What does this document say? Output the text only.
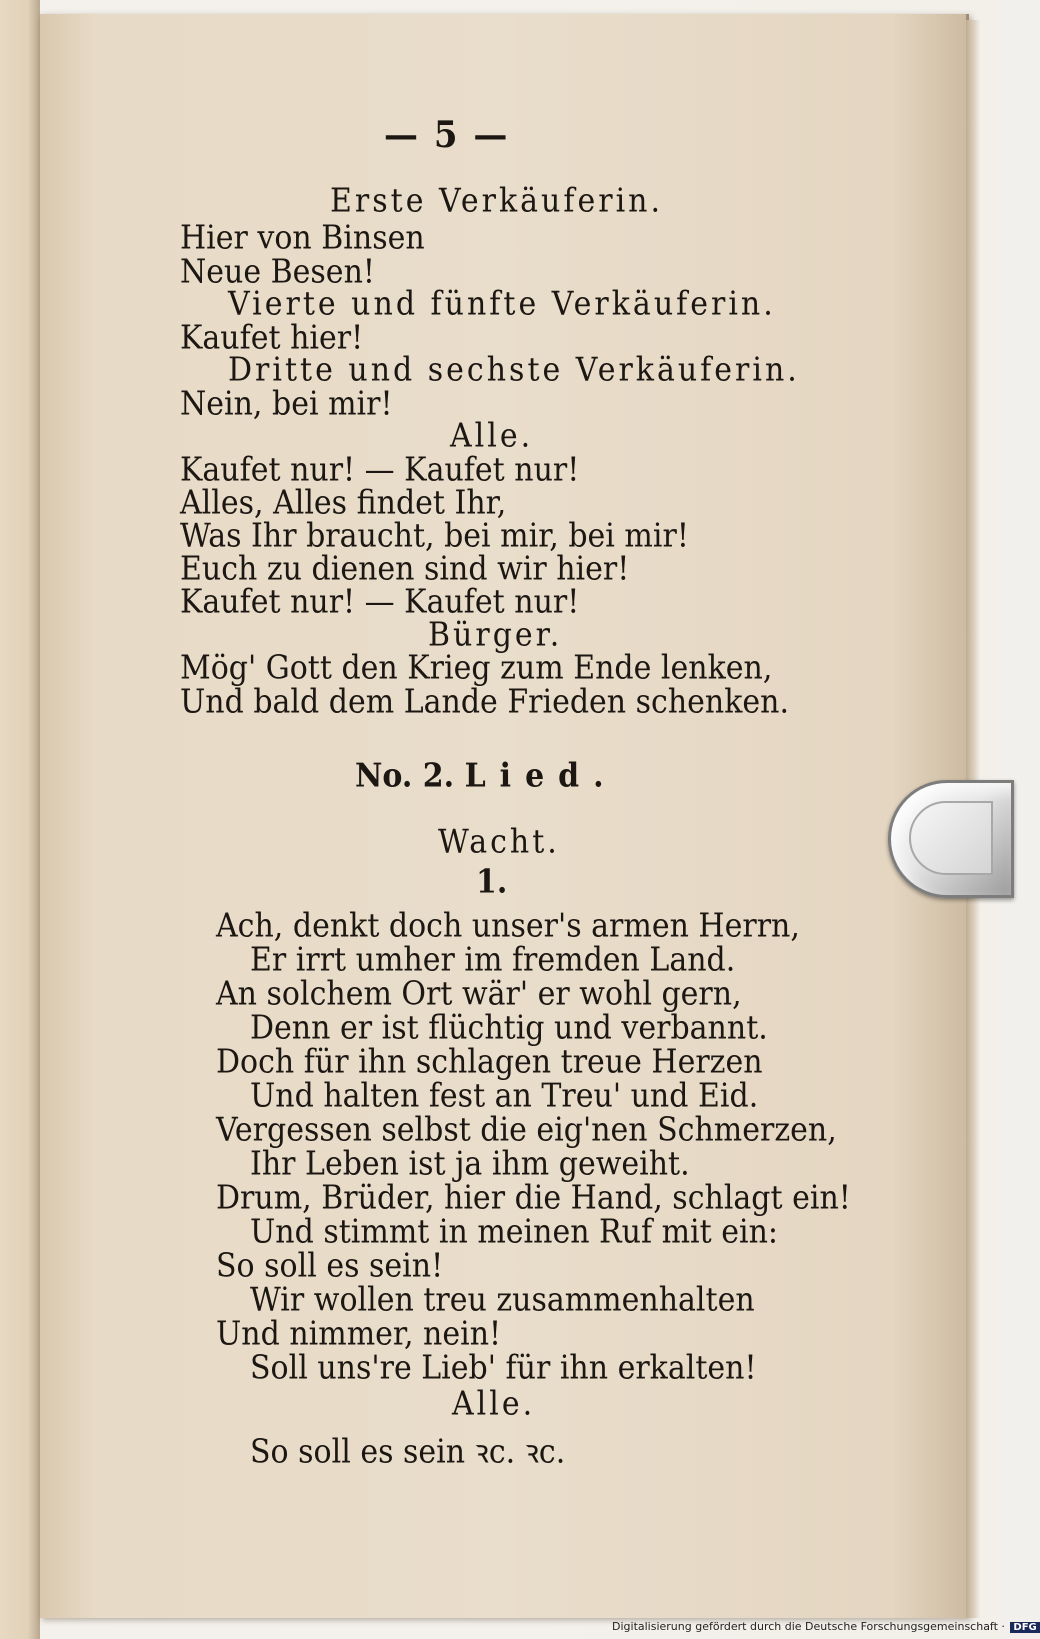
— 5 —
Erste Verkäuferin.
Hier von Binsen
Neue Besen!
Vierte und fünfte Verkäuferin.
Kaufet hier!
Dritte und sechste Verkäuferin.
Nein, bei mir!
Alle.
Kaufet nur! — Kaufet nur!
Alles, Alles findet Ihr,
Was Ihr braucht, bei mir, bei mir!
Euch zu dienen sind wir hier!
Kaufet nur! — Kaufet nur!
Bürger.
Mög' Gott den Krieg zum Ende lenken,
Und bald dem Lande Frieden schenken.
No. 2. Lied.
Wacht.
1.
Ach, denkt doch unser's armen Herrn,
Er irrt umher im fremden Land.
An solchem Ort wär' er wohl gern,
Denn er ist flüchtig und verbannt.
Doch für ihn schlagen treue Herzen
Und halten fest an Treu' und Eid.
Vergessen selbst die eig'nen Schmerzen,
Ihr Leben ist ja ihm geweiht.
Drum, Brüder, hier die Hand, schlagt ein!
Und stimmt in meinen Ruf mit ein:
So soll es sein!
Wir wollen treu zusammenhalten
Und nimmer, nein!
Soll uns're Lieb' für ihn erkalten!
Alle.
So soll es sein ꝛc. ꝛc.
Digitalisierung gefördert durch die Deutsche Forschungsgemeinschaft · DFG
